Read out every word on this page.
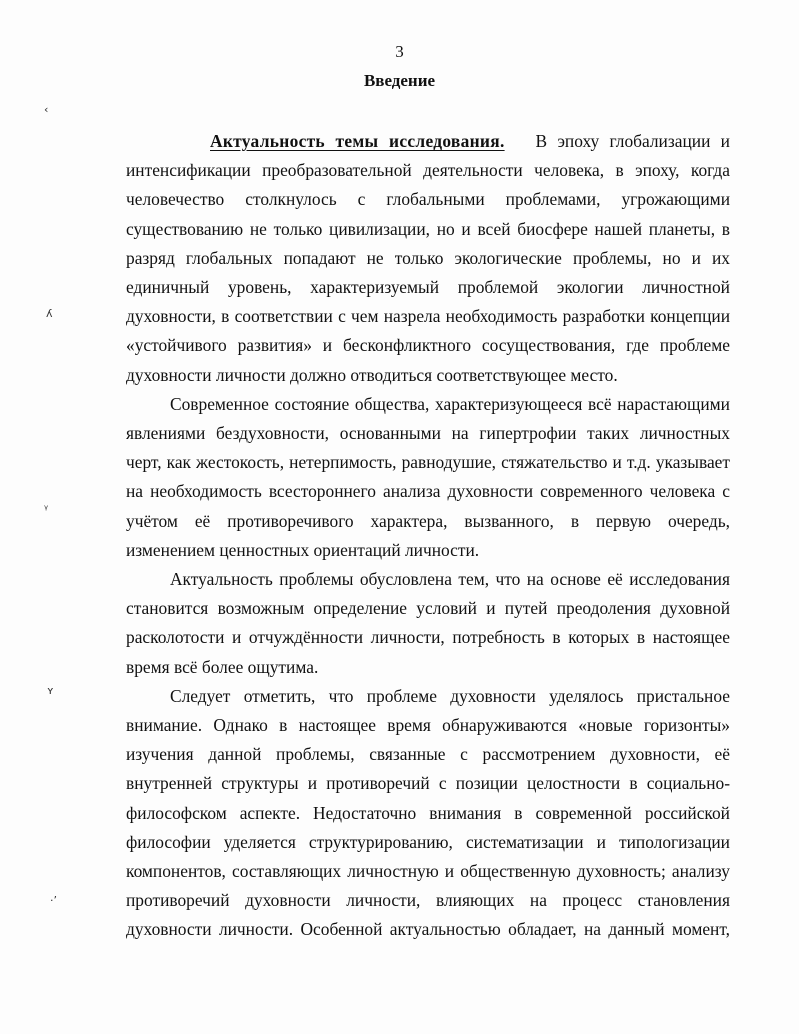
3
Введение

Актуальность темы исследования. В эпоху глобализации и интенсификации преобразовательной деятельности человека, в эпоху, когда человечество столкнулось с глобальными проблемами, угрожающими существованию не только цивилизации, но и всей биосфере нашей планеты, в разряд глобальных попадают не только экологические проблемы, но и их единичный уровень, характеризуемый проблемой экологии личностной духовности, в соответствии с чем назрела необходимость разработки концепции «устойчивого развития» и бесконфликтного сосуществования, где проблеме духовности личности должно отводиться соответствующее место.

Современное состояние общества, характеризующееся всё нарастающими явлениями бездуховности, основанными на гипертрофии таких личностных черт, как жестокость, нетерпимость, равнодушие, стяжательство и т.д. указывает на необходимость всестороннего анализа духовности современного человека с учётом её противоречивого характера, вызванного, в первую очередь, изменением ценностных ориентаций личности.

Актуальность проблемы обусловлена тем, что на основе её исследования становится возможным определение условий и путей преодоления духовной расколотости и отчуждённости личности, потребность в которых в настоящее время всё более ощутима.

Следует отметить, что проблеме духовности уделялось пристальное внимание. Однако в настоящее время обнаруживаются «новые горизонты» изучения данной проблемы, связанные с рассмотрением духовности, её внутренней структуры и противоречий с позиции целостности в социально-философском аспекте. Недостаточно внимания в современной российской философии уделяется структурированию, систематизации и типологизации компонентов, составляющих личностную и общественную духовность; анализу противоречий духовности личности, влияющих на процесс становления духовности личности. Особенной актуальностью обладает, на данный момент,

‹
ʎ
ᵧ
ʏ
·ʼ
